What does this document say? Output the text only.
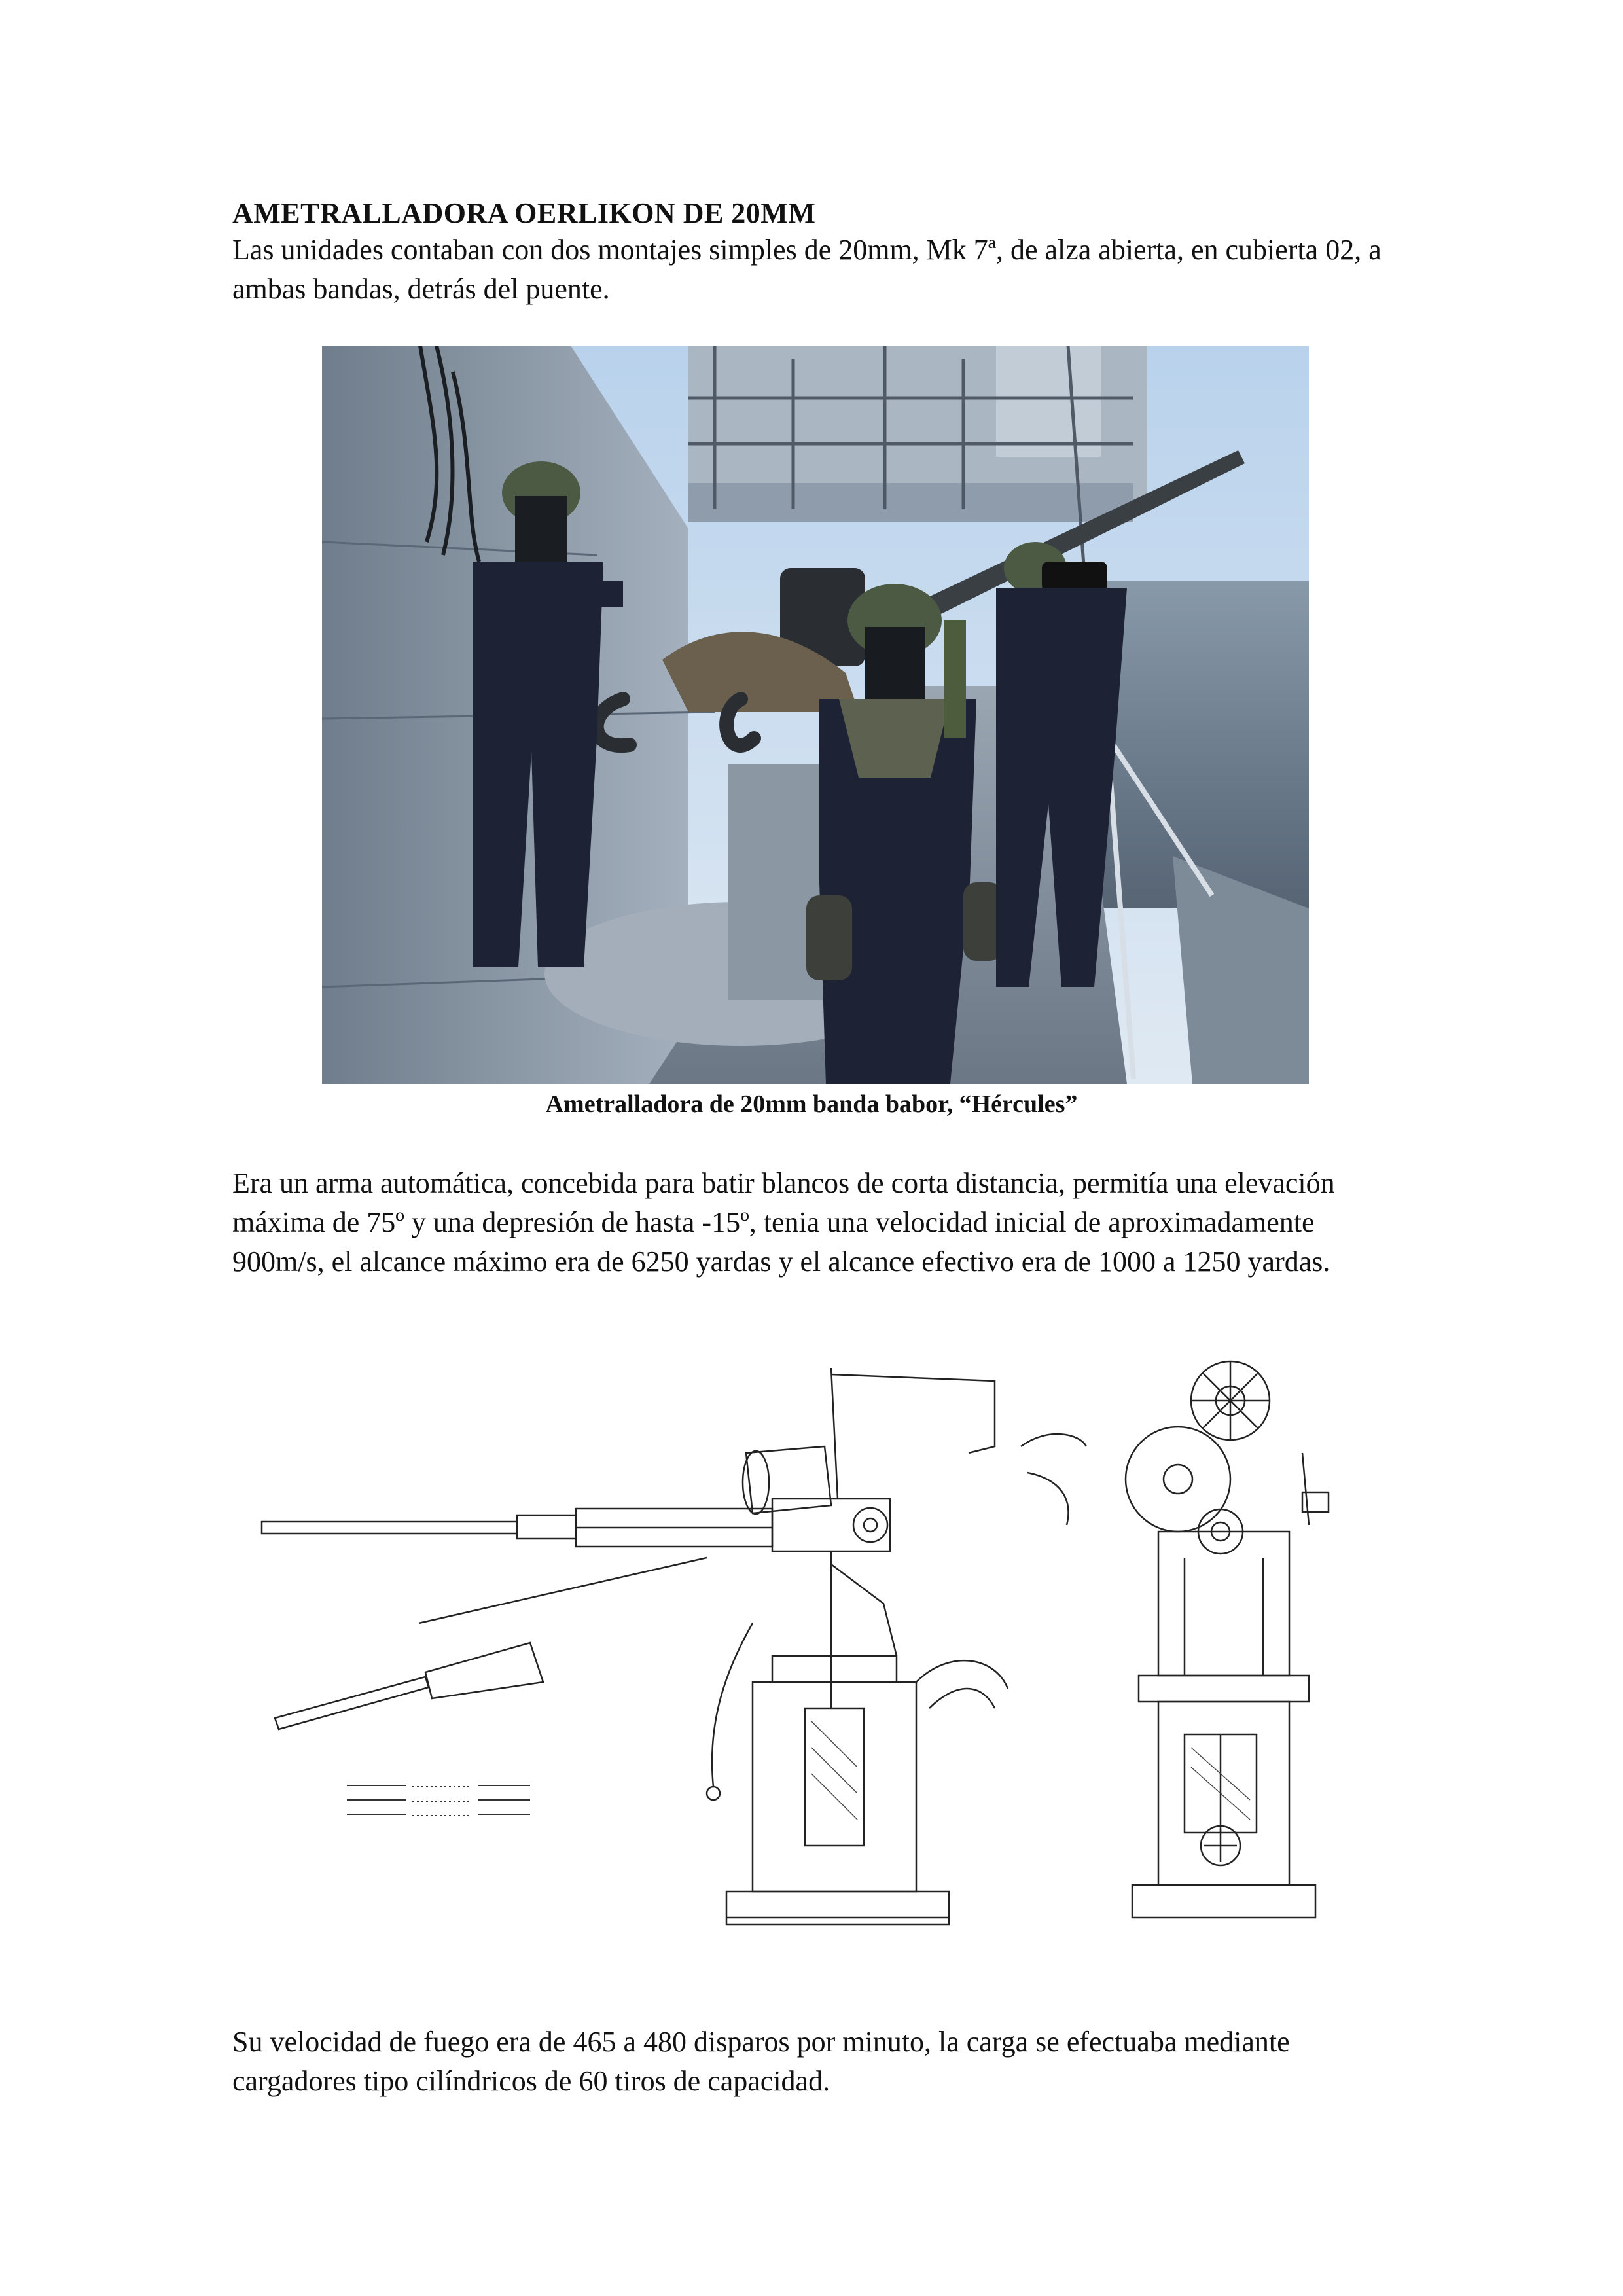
AMETRALLADORA OERLIKON DE 20MM

Las unidades contaban con dos montajes simples de 20mm, Mk 7ª, de alza abierta, en cubierta 02, a ambas bandas, detrás del puente.

Ametralladora de 20mm banda babor, “Hércules”

Era un arma automática, concebida para batir blancos de corta distancia, permitía una elevación máxima de 75º y una depresión de hasta -15º, tenia una velocidad inicial de aproximadamente 900m/s, el alcance máximo era de 6250 yardas y el alcance efectivo era de 1000 a 1250 yardas.

Su velocidad de fuego era de 465 a 480 disparos por minuto, la carga se efectuaba mediante cargadores tipo cilíndricos de 60 tiros de capacidad.
